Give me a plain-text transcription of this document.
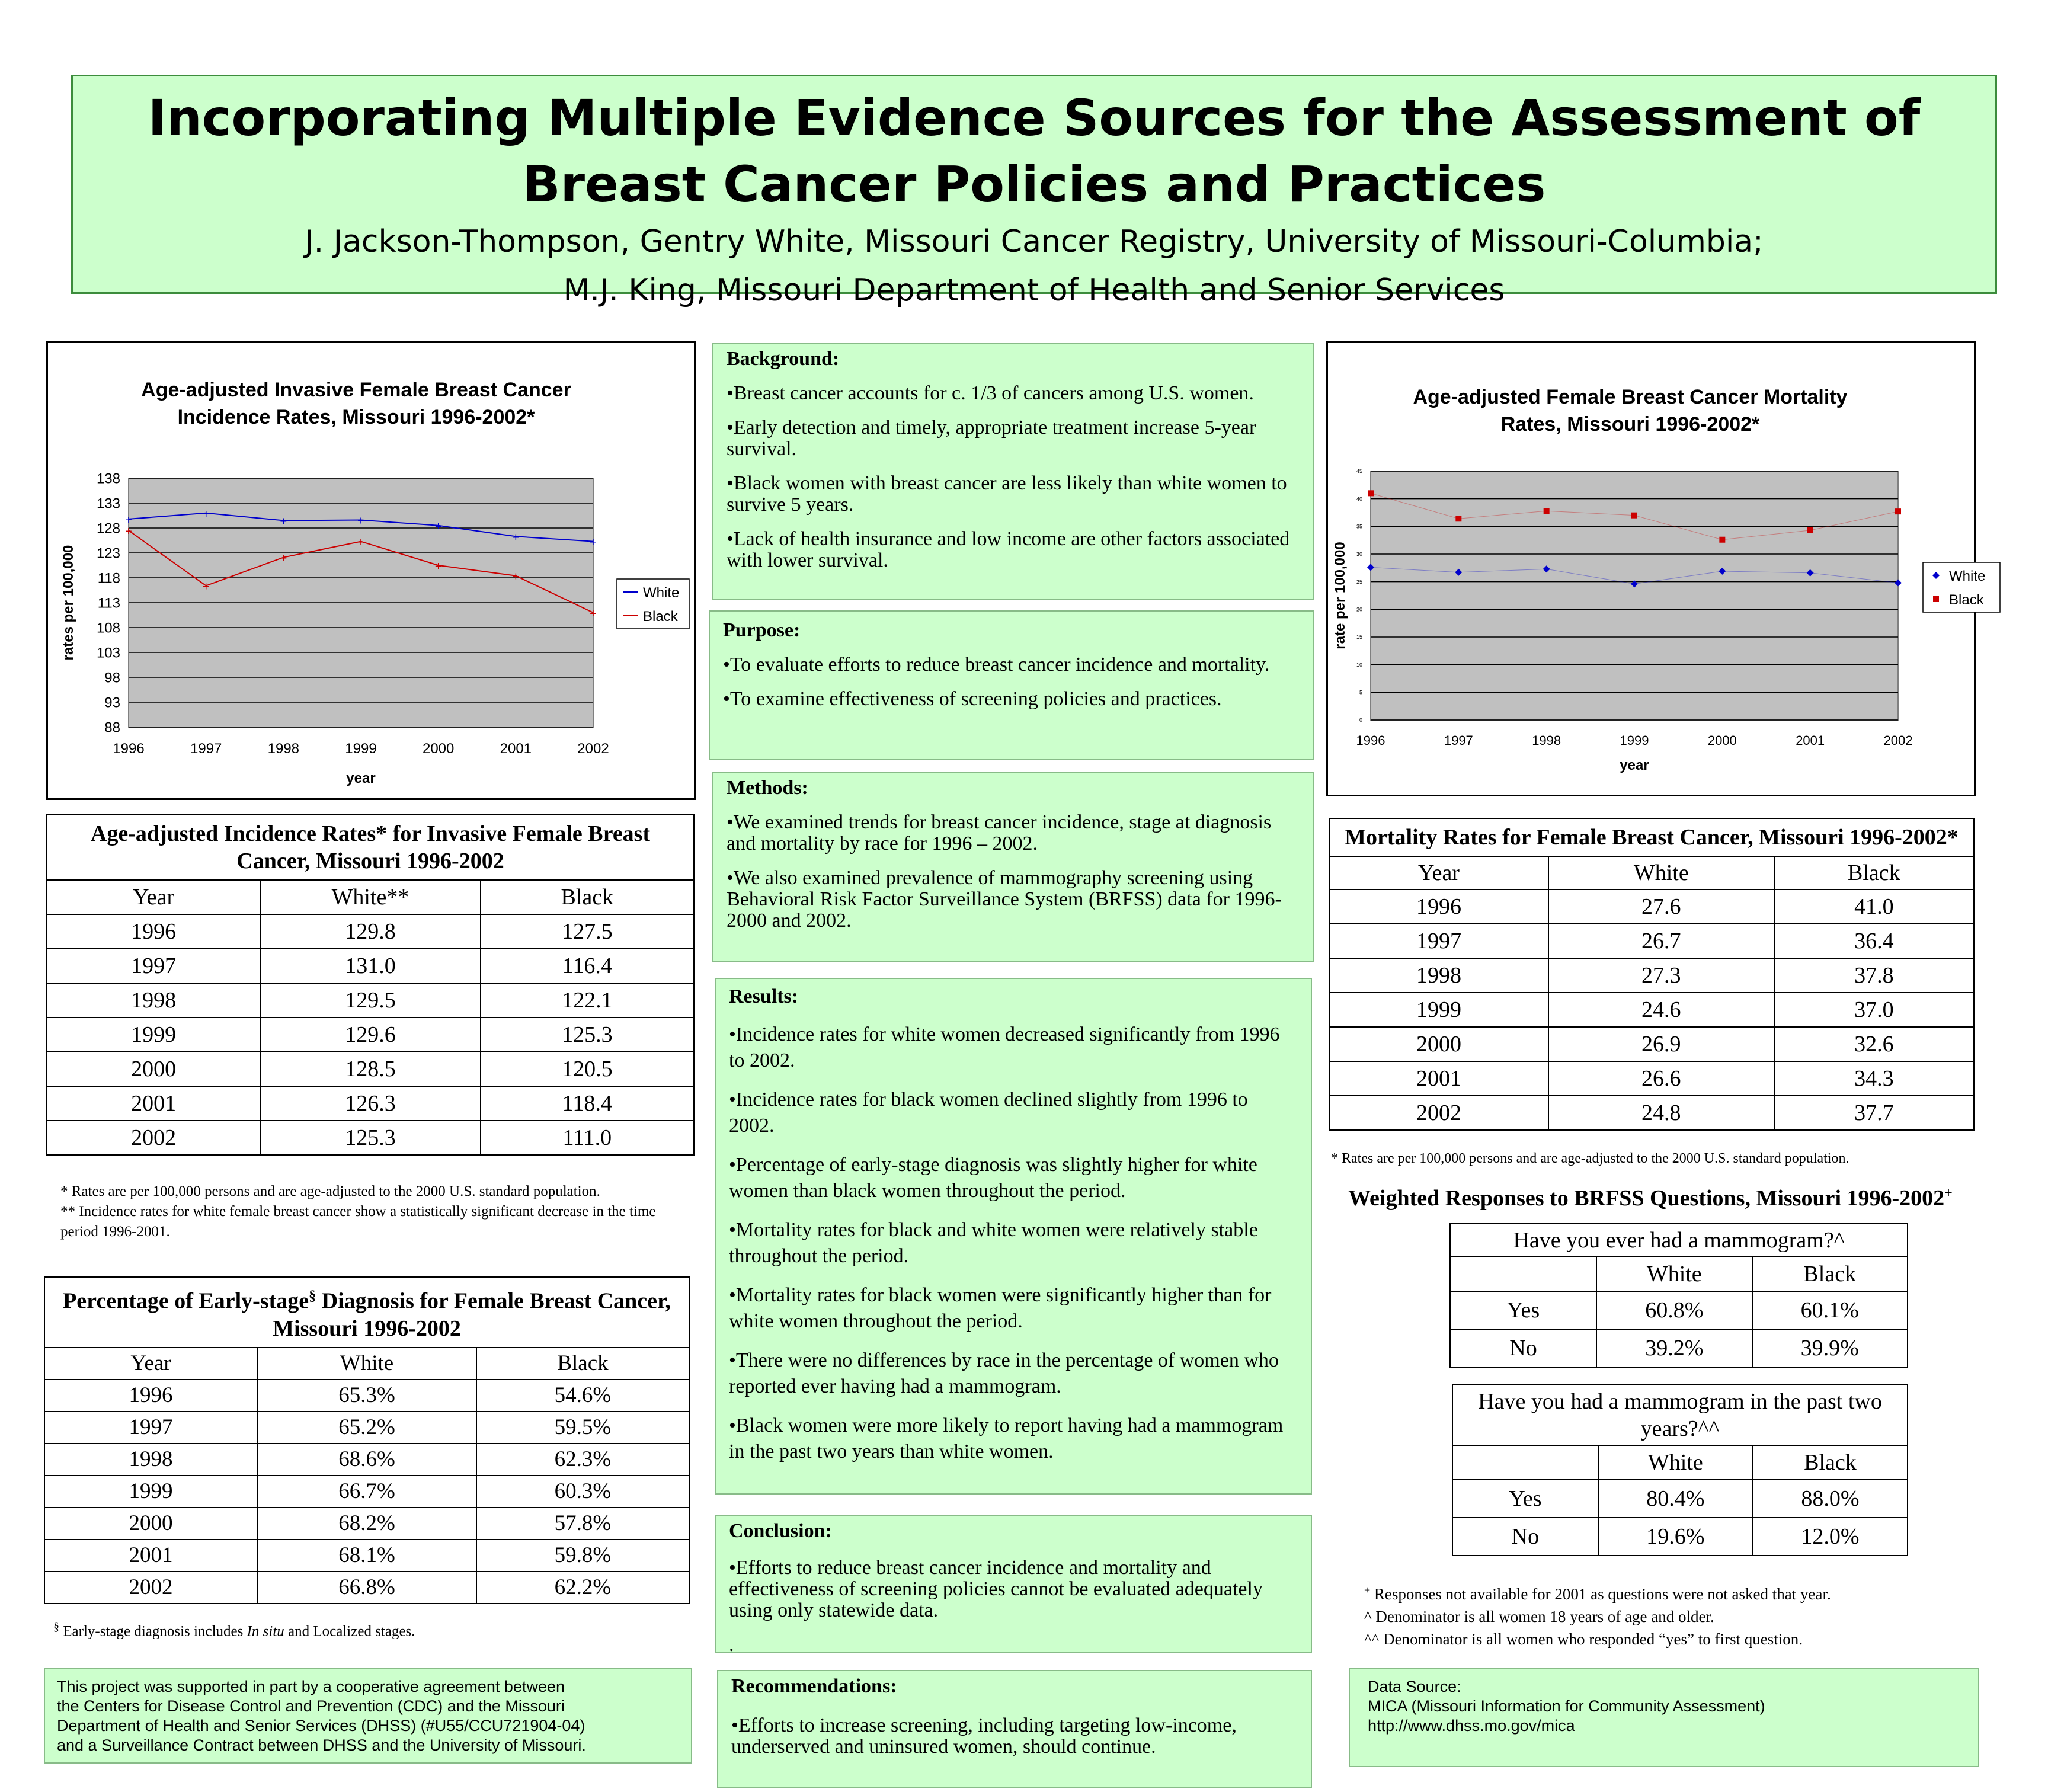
Incorporating Multiple Evidence Sources for the Assessment of
Breast Cancer Policies and Practices

J. Jackson-Thompson, Gentry White, Missouri Cancer Registry, University of Missouri-Columbia;

M.J. King, Missouri Department of Health and Senior Services

Age-adjusted Invasive Female Breast Cancer
Incidence Rates, Missouri 1996-2002*
138
133
128
123
118
113
108
103
98
93
88
1996	1997	1998	1999	2000	2001	2002
year
rates per 100,000
+	+
+	+	+
+	+
+
+
+
+
+
+
+
White
Black
Age-adjusted Female Breast Cancer Mortality
Rates, Missouri 1996-2002*
45
40
35
30
25
20
15
10
5
0
1996	1997	1998	1999	2000	2001	2002
year
rate per 100,000	White
Black
Background:

•Breast cancer accounts for c. 1/3 of cancers among U.S. women.

•Early detection and timely, appropriate treatment increase 5-year survival.

•Black women with breast cancer are less likely than white women to survive 5 years.

•Lack of health insurance and low income are other factors associated with lower survival.

Purpose:

•To evaluate efforts to reduce breast cancer incidence and mortality.

•To examine effectiveness of screening policies and practices.

Methods:

•We examined trends for breast cancer incidence, stage at diagnosis and mortality by race for 1996 – 2002.

•We also examined prevalence of mammography screening using Behavioral Risk Factor Surveillance System (BRFSS) data for 1996-2000 and 2002.

Results:

•Incidence rates for white women decreased significantly from 1996 to 2002.

•Incidence rates for black women declined slightly from 1996 to 2002.

•Percentage of early-stage diagnosis was slightly higher for white women than black women throughout the period.

•Mortality rates for black and white women were relatively stable throughout the period.

•Mortality rates for black women were significantly higher than for white women throughout the period.

•There were no differences by race in the percentage of women who reported ever having had a mammogram.

•Black women were more likely to report having had a mammogram in the past two years than white women.

Conclusion:

•Efforts to reduce breast cancer incidence and mortality and effectiveness of screening policies cannot be evaluated adequately using only statewide data.

.

Recommendations:

•Efforts to increase screening, including targeting low-income, underserved and uninsured women, should continue.

Age-adjusted Incidence Rates* for Invasive Female Breast Cancer, Missouri 1996-2002
Year	White**	Black
1996	129.8	127.5
1997	131.0	116.4
1998	129.5	122.1
1999	129.6	125.3
2000	128.5	120.5
2001	126.3	118.4
2002	125.3	111.0
* Rates are per 100,000 persons and are age-adjusted to the 2000 U.S. standard population.
** Incidence rates for white female breast cancer show a statistically significant decrease in the time period 1996-2001.
Percentage of Early-stage§ Diagnosis for Female Breast Cancer, Missouri 1996-2002
Year	White	Black
1996	65.3%	54.6%
1997	65.2%	59.5%
1998	68.6%	62.3%
1999	66.7%	60.3%
2000	68.2%	57.8%
2001	68.1%	59.8%
2002	66.8%	62.2%
§ Early-stage diagnosis includes In situ and Localized stages.
Mortality Rates for Female Breast Cancer, Missouri 1996-2002*
Year	White	Black
1996	27.6	41.0
1997	26.7	36.4
1998	27.3	37.8
1999	24.6	37.0
2000	26.9	32.6
2001	26.6	34.3
2002	24.8	37.7
* Rates are per 100,000 persons and are age-adjusted to the 2000 U.S. standard population.
Weighted Responses to BRFSS Questions, Missouri 1996-2002+
Have you ever had a mammogram?^
	White	Black
Yes	60.8%	60.1%
No	39.2%	39.9%
Have you had a mammogram in the past two years?^^
	White	Black
Yes	80.4%	88.0%
No	19.6%	12.0%
+ Responses not available for 2001 as questions were not asked that year.
^ Denominator is all women 18 years of age and older.
^^ Denominator is all women who responded “yes” to first question.
This project was supported in part by a cooperative agreement between
the Centers for Disease Control and Prevention (CDC) and the Missouri
Department of Health and Senior Services (DHSS) (#U55/CCU721904-04)
and a Surveillance Contract between DHSS and the University of Missouri.
Data Source:
MICA (Missouri Information for Community Assessment)
http://www.dhss.mo.gov/mica
